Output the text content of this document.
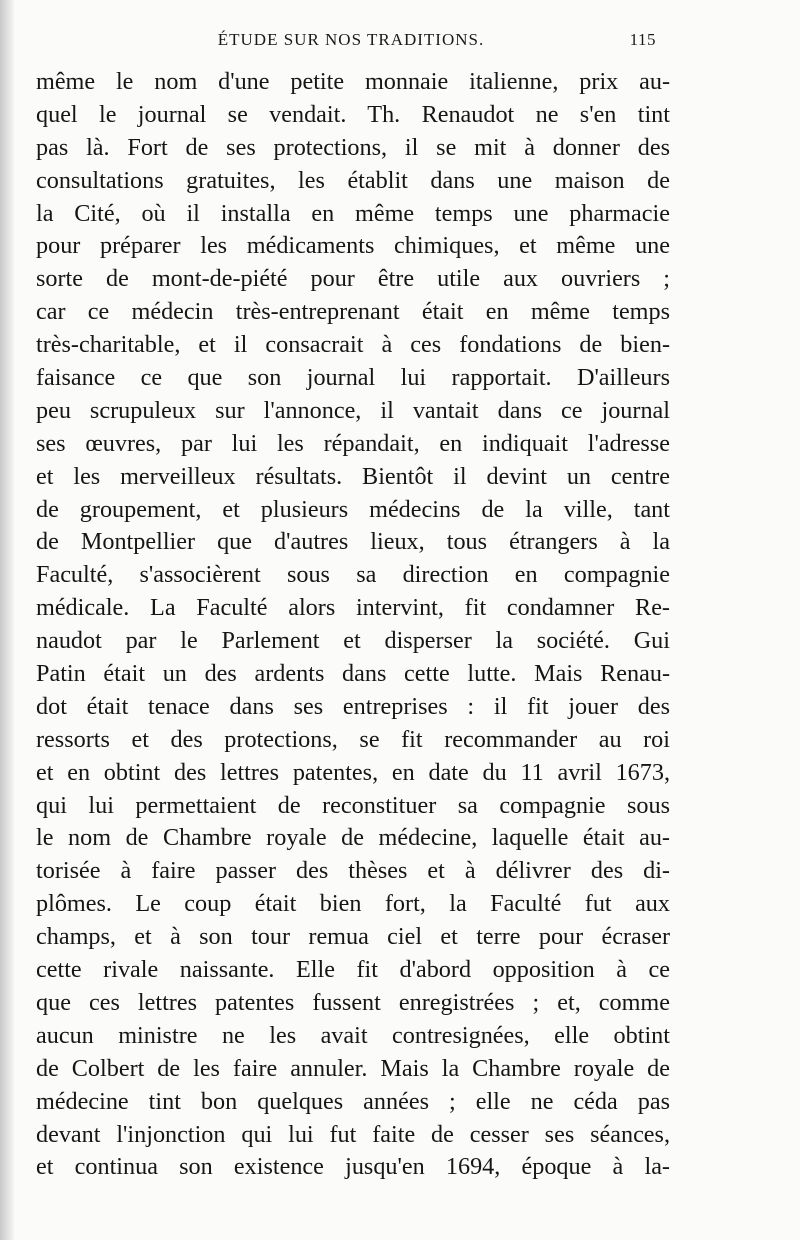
ÉTUDE SUR NOS TRADITIONS.	115
même le nom d'une petite monnaie italienne, prix au-
quel le journal se vendait. Th. Renaudot ne s'en tint
pas là. Fort de ses protections, il se mit à donner des
consultations gratuites, les établit dans une maison de
la Cité, où il installa en même temps une pharmacie
pour préparer les médicaments chimiques, et même une
sorte de mont-de-piété pour être utile aux ouvriers ;
car ce médecin très-entreprenant était en même temps
très-charitable, et il consacrait à ces fondations de bien-
faisance ce que son journal lui rapportait. D'ailleurs
peu scrupuleux sur l'annonce, il vantait dans ce journal
ses œuvres, par lui les répandait, en indiquait l'adresse
et les merveilleux résultats. Bientôt il devint un centre
de groupement, et plusieurs médecins de la ville, tant
de Montpellier que d'autres lieux, tous étrangers à la
Faculté, s'associèrent sous sa direction en compagnie
médicale. La Faculté alors intervint, fit condamner Re-
naudot par le Parlement et disperser la société. Gui
Patin était un des ardents dans cette lutte. Mais Renau-
dot était tenace dans ses entreprises : il fit jouer des
ressorts et des protections, se fit recommander au roi
et en obtint des lettres patentes, en date du 11 avril 1673,
qui lui permettaient de reconstituer sa compagnie sous
le nom de Chambre royale de médecine, laquelle était au-
torisée à faire passer des thèses et à délivrer des di-
plômes. Le coup était bien fort, la Faculté fut aux
champs, et à son tour remua ciel et terre pour écraser
cette rivale naissante. Elle fit d'abord opposition à ce
que ces lettres patentes fussent enregistrées ; et, comme
aucun ministre ne les avait contresignées, elle obtint
de Colbert de les faire annuler. Mais la Chambre royale de
médecine tint bon quelques années ; elle ne céda pas
devant l'injonction qui lui fut faite de cesser ses séances,
et continua son existence jusqu'en 1694, époque à la-
